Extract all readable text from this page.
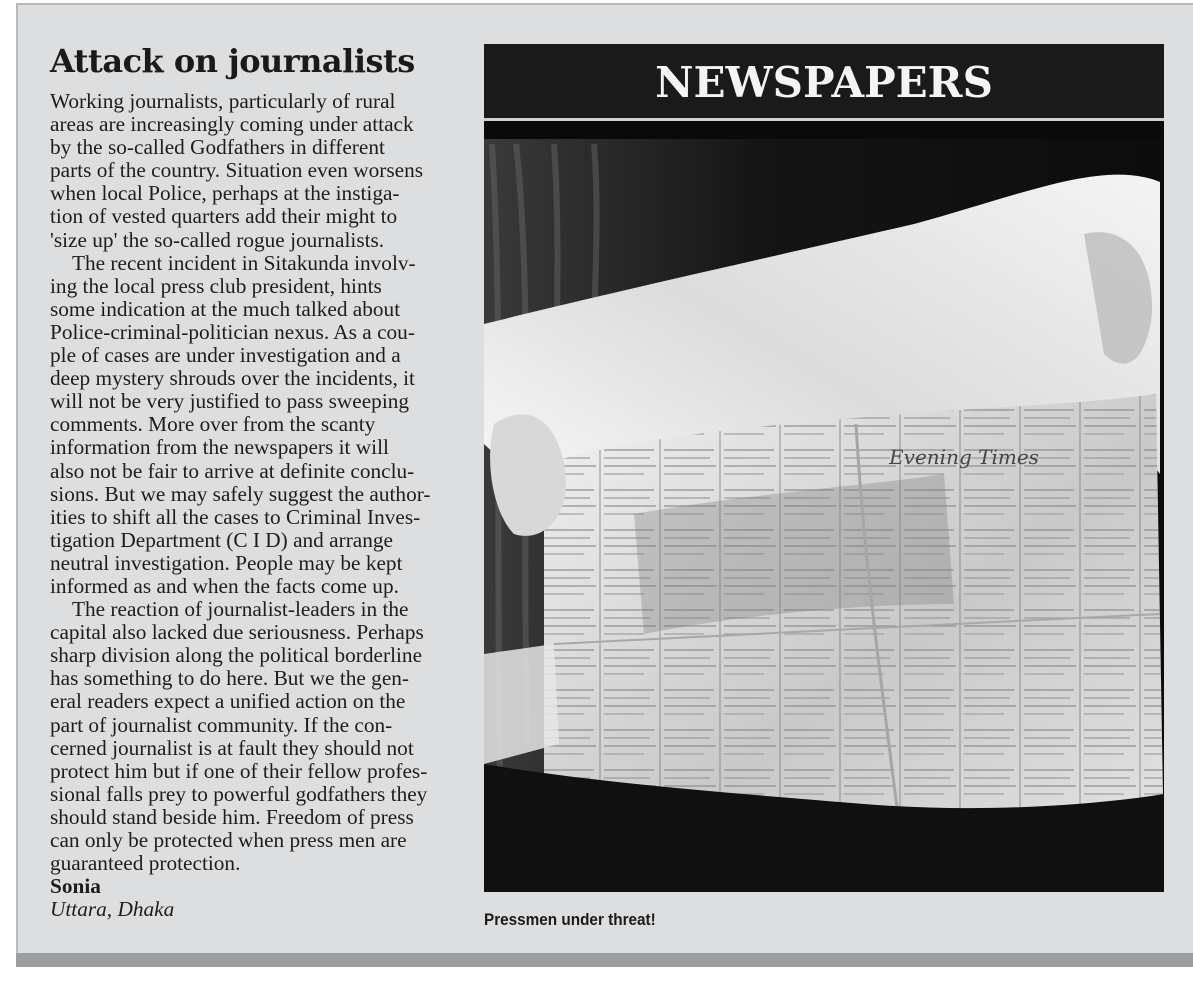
Attack on journalists

Working journalists, particularly of rural
areas are increasingly coming under attack
by the so-called Godfathers in different
parts of the country. Situation even worsens
when local Police, perhaps at the instiga-
tion of vested quarters add their might to
'size up' the so-called rogue journalists.

The recent incident in Sitakunda involv-
ing the local press club president, hints
some indication at the much talked about
Police-criminal-politician nexus. As a cou-
ple of cases are under investigation and a
deep mystery shrouds over the incidents, it
will not be very justified to pass sweeping
comments. More over from the scanty
information from the newspapers it will
also not be fair to arrive at definite conclu-
sions. But we may safely suggest the author-
ities to shift all the cases to Criminal Inves-
tigation Department (C I D) and arrange
neutral investigation. People may be kept
informed as and when the facts come up.

The reaction of journalist-leaders in the
capital also lacked due seriousness. Perhaps
sharp division along the political borderline
has something to do here. But we the gen-
eral readers expect a unified action on the
part of journalist community. If the con-
cerned journalist is at fault they should not
protect him but if one of their fellow profes-
sional falls prey to powerful godfathers they
should stand beside him. Freedom of press
can only be protected when press men are
guaranteed protection.

Sonia

Uttara, Dhaka

NEWSPAPERS
Evening Times
Pressmen under threat!
